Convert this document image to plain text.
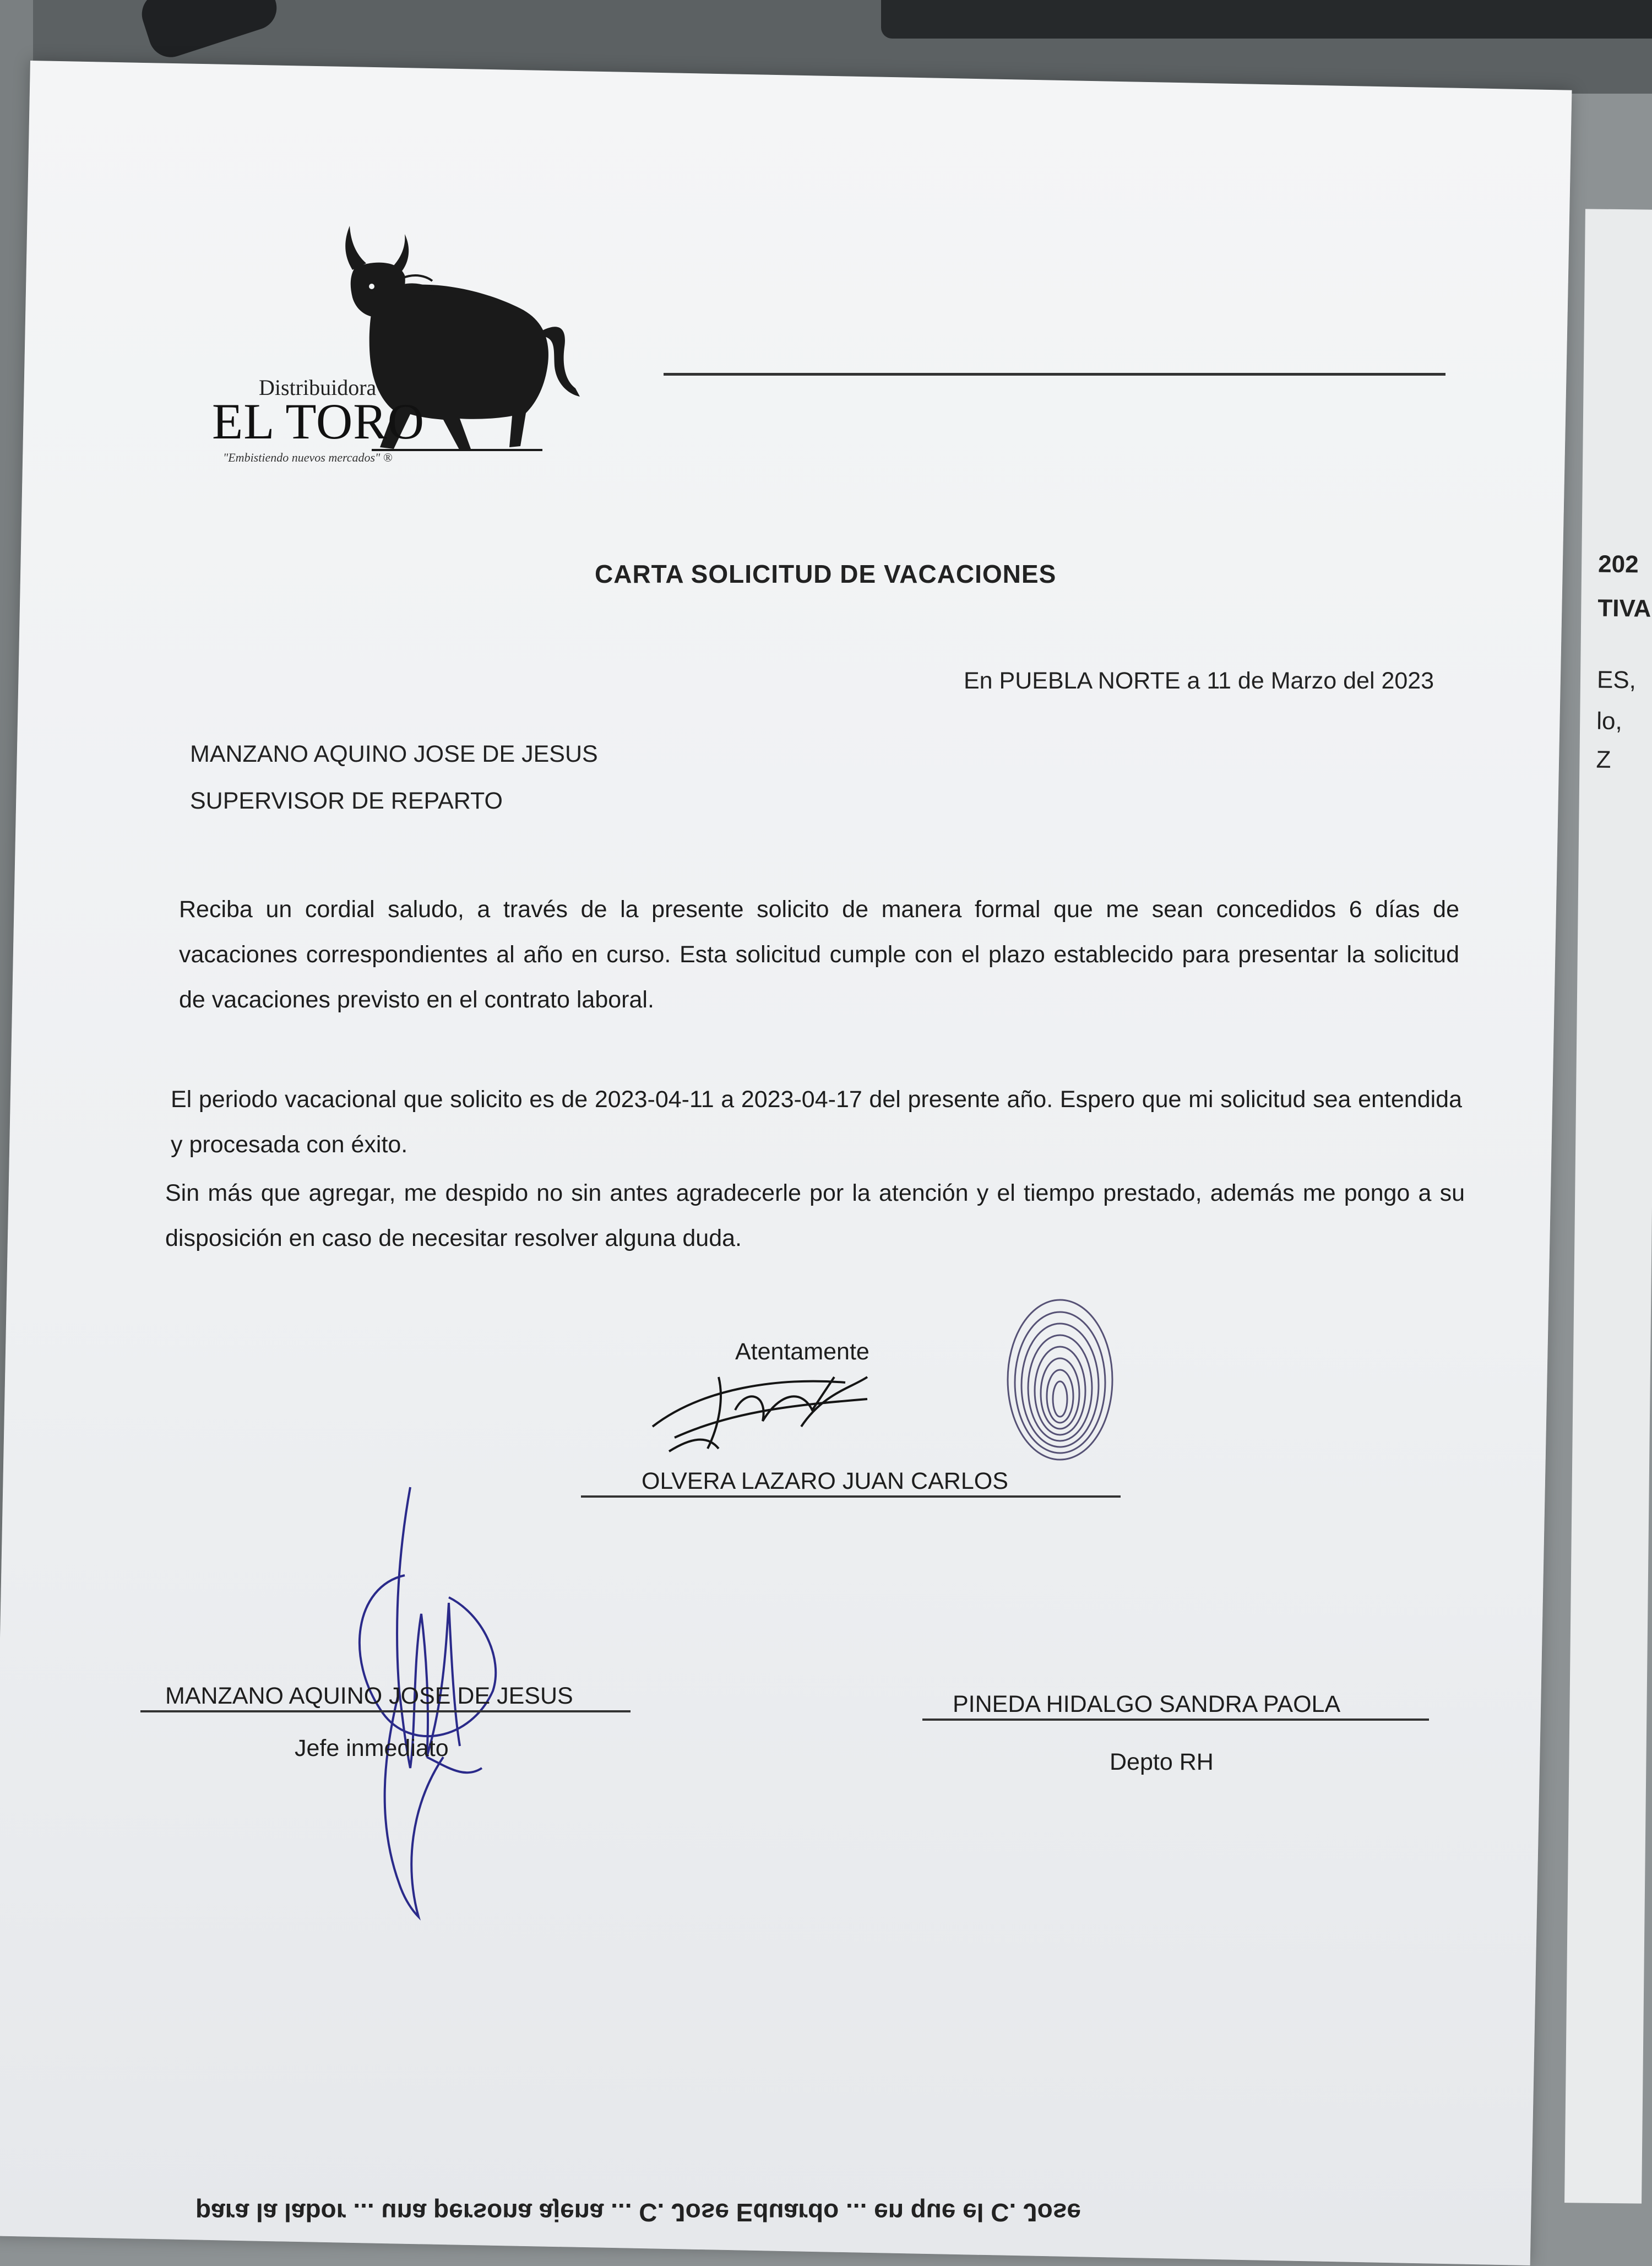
202
TIVA
ES,
lo,
Z
Distribuidora
EL TORO
"Embistiendo nuevos mercados" ®
CARTA SOLICITUD DE VACACIONES
En PUEBLA NORTE a 11 de Marzo del 2023
MANZANO AQUINO JOSE DE JESUS
SUPERVISOR DE REPARTO

Reciba un cordial saludo, a través de la presente solicito de manera formal que me sean concedidos 6 días de vacaciones correspondientes al año en curso. Esta solicitud cumple con el plazo establecido para presentar la solicitud de vacaciones previsto en el contrato laboral.

El periodo vacacional que solicito es de 2023-04-11 a 2023-04-17 del presente año. Espero que mi solicitud sea entendida y procesada con éxito.

Sin más que agregar, me despido no sin antes agradecerle por la atención y el tiempo prestado, además me pongo a su disposición en caso de necesitar resolver alguna duda.

Atentamente
OLVERA LAZARO JUAN CARLOS
MANZANO AQUINO JOSE DE JESUS
Jefe inmediato
PINEDA HIDALGO SANDRA PAOLA
Depto RH
para la labor ... una persona ajena ... C. Jose Eduardo ... en que el C. Jose
